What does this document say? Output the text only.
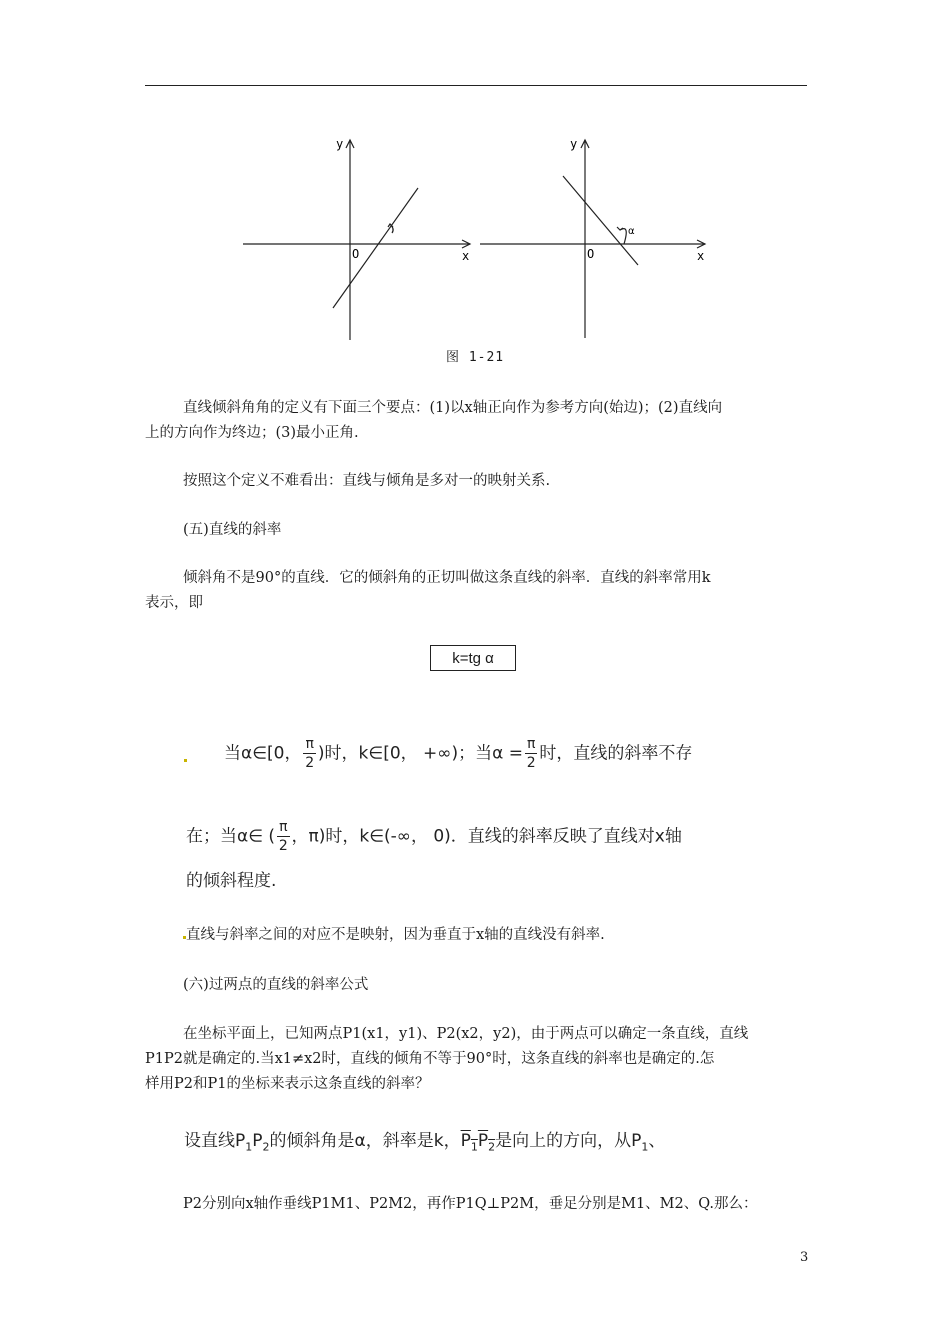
y
x
O
y
x
O
α
图 1-21
直线倾斜角角的定义有下面三个要点：(1)以x轴正向作为参考方向(始边)；(2)直线向
上的方向作为终边；(3)最小正角.
按照这个定义不难看出：直线与倾角是多对一的映射关系.
(五)直线的斜率
倾斜角不是90°的直线．它的倾斜角的正切叫做这条直线的斜率．直线的斜率常用k
表示，即
k=tg α
当α∈[0， $\frac{\pi}{2}$ )时，k∈[0， +∞)；当$\alpha = \frac{\pi}{2}$ 时，直线的斜率不存
在；当α∈ ( $\frac{\pi}{2}$ ，π)时，k∈(-∞， 0)．直线的斜率反映了直线对x轴
的倾斜程度.
直线与斜率之间的对应不是映射，因为垂直于x轴的直线没有斜率.
(六)过两点的直线的斜率公式
在坐标平面上，已知两点P1(x1，y1)、P2(x2，y2)，由于两点可以确定一条直线，直线
P1P2就是确定的.当x1≠x2时，直线的倾角不等于90°时，这条直线的斜率也是确定的.怎
样用P2和P1的坐标来表示这条直线的斜率？
设直线$P_1P_2$的倾斜角是α，斜率是k，$P_1P_2$是向上的方向，从$P_1$、
P2分别向x轴作垂线P1M1、P2M2，再作P1Q⊥P2M，垂足分别是M1、M2、Q.那么：
3
